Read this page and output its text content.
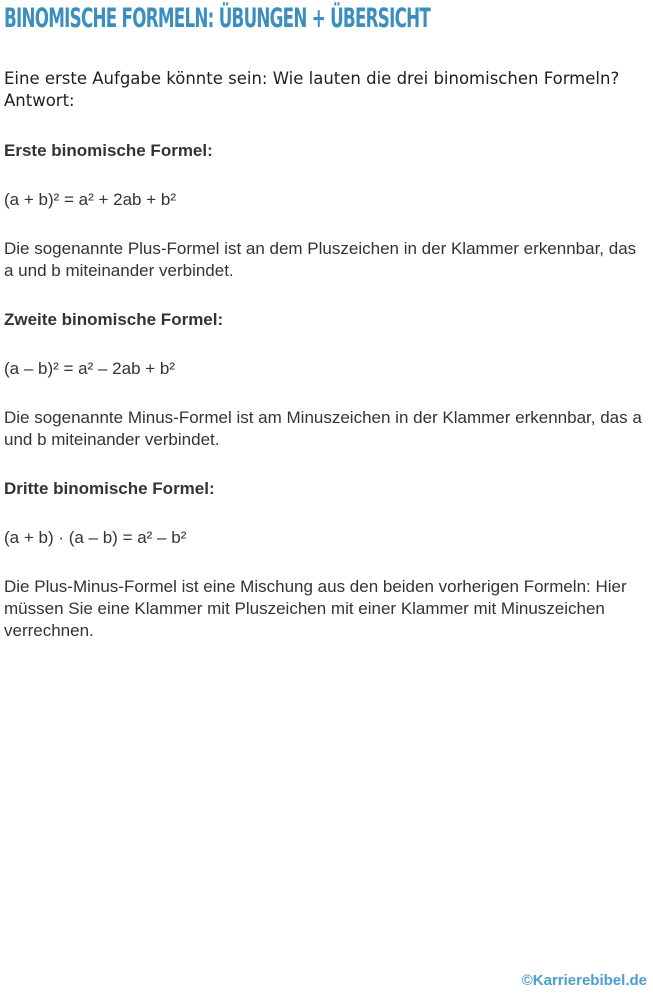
BINOMISCHE FORMELN: ÜBUNGEN + ÜBERSICHT

Eine erste Aufgabe könnte sein: Wie lauten die drei binomischen Formeln? Antwort:

Erste binomische Formel:

(a + b)² = a² + 2ab + b²

Die sogenannte Plus-Formel ist an dem Pluszeichen in der Klammer erkennbar, das a und b miteinander verbindet.

Zweite binomische Formel:

(a – b)² = a² – 2ab + b²

Die sogenannte Minus-Formel ist am Minuszeichen in der Klammer erkennbar, das a und b miteinander verbindet.

Dritte binomische Formel:

(a + b) · (a – b) = a² – b²

Die Plus-Minus-Formel ist eine Mischung aus den beiden vorherigen Formeln: Hier müssen Sie eine Klammer mit Pluszeichen mit einer Klammer mit Minuszeichen verrechnen.

©Karrierebibel.de
